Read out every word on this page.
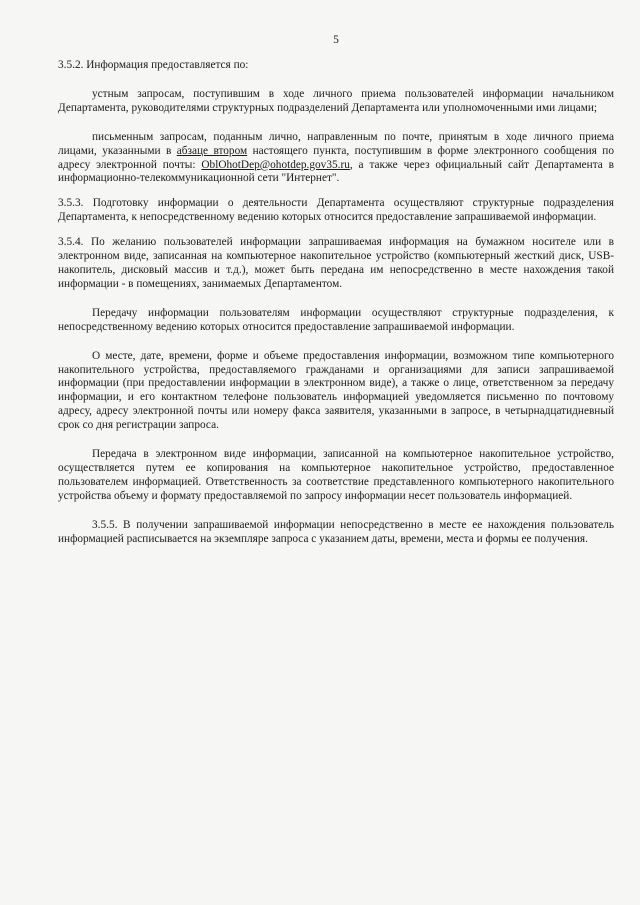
5

3.5.2. Информация предоставляется по:

устным запросам, поступившим в ходе личного приема пользователей информации начальником Департамента, руководителями структурных подразделений Департамента или уполномоченными ими лицами;

письменным запросам, поданным лично, направленным по почте, принятым в ходе личного приема лицами, указанными в абзаце втором настоящего пункта, поступившим в форме электронного сообщения по адресу электронной почты: OblOhotDep@ohotdep.gov35.ru, а также через официальный сайт Департамента в информационно-телекоммуникационной сети "Интернет".

3.5.3. Подготовку информации о деятельности Департамента осуществляют структурные подразделения Департамента, к непосредственному ведению которых относится предоставление запрашиваемой информации.

3.5.4. По желанию пользователей информации запрашиваемая информация на бумажном носителе или в электронном виде, записанная на компьютерное накопительное устройство (компьютерный жесткий диск, USB-накопитель, дисковый массив и т.д.), может быть передана им непосредственно в месте нахождения такой информации - в помещениях, занимаемых Департаментом.

Передачу информации пользователям информации осуществляют структурные подразделения, к непосредственному ведению которых относится предоставление запрашиваемой информации.

О месте, дате, времени, форме и объеме предоставления информации, возможном типе компьютерного накопительного устройства, предоставляемого гражданами и организациями для записи запрашиваемой информации (при предоставлении информации в электронном виде), а также о лице, ответственном за передачу информации, и его контактном телефоне пользователь информацией уведомляется письменно по почтовому адресу, адресу электронной почты или номеру факса заявителя, указанными в запросе, в четырнадцатидневный срок со дня регистрации запроса.

Передача в электронном виде информации, записанной на компьютерное накопительное устройство, осуществляется путем ее копирования на компьютерное накопительное устройство, предоставленное пользователем информацией. Ответственность за соответствие представленного компьютерного накопительного устройства объему и формату предоставляемой по запросу информации несет пользователь информацией.

3.5.5. В получении запрашиваемой информации непосредственно в месте ее нахождения пользователь информацией расписывается на экземпляре запроса с указанием даты, времени, места и формы ее получения.
